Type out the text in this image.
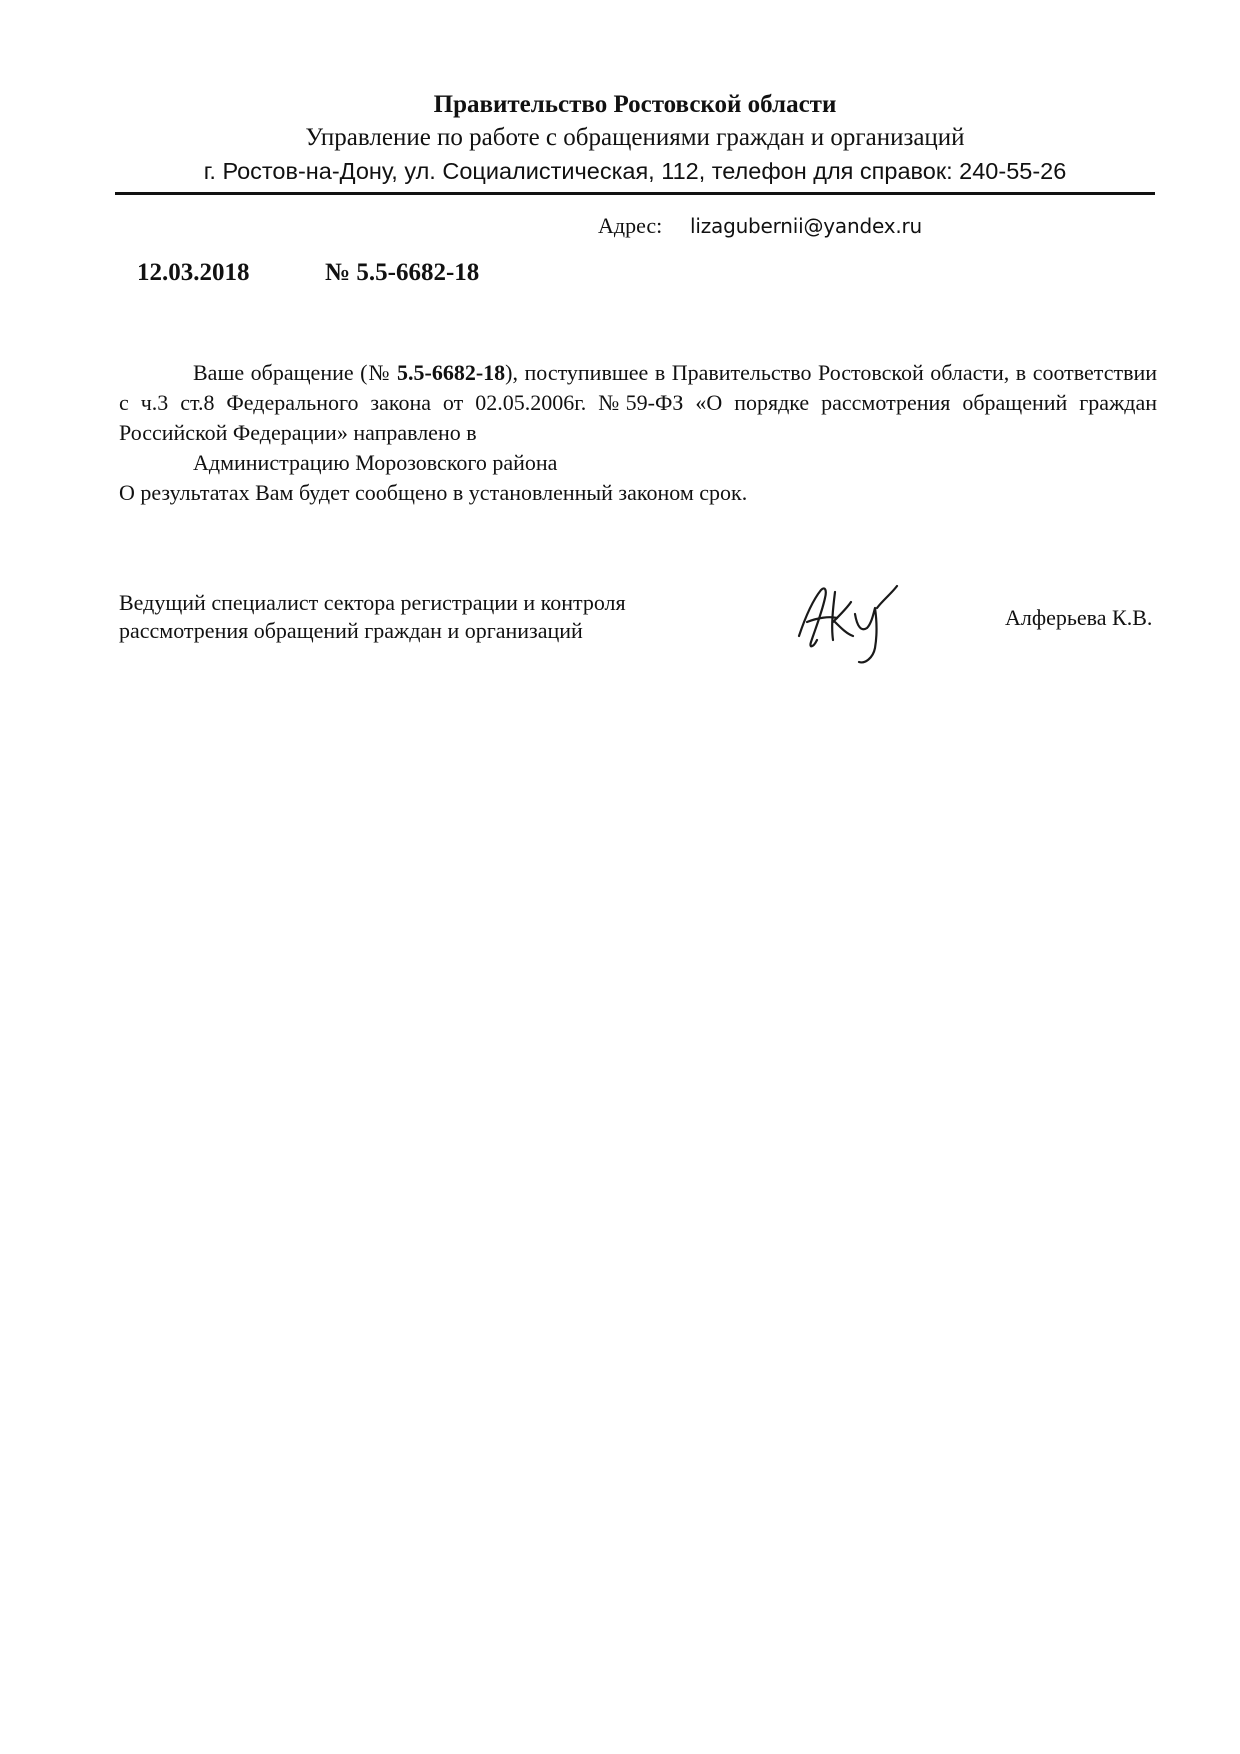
Правительство Ростовской области
Управление по работе с обращениями граждан и организаций
г. Ростов-на-Дону, ул. Социалистическая, 112, телефон для справок: 240-55-26
Адрес: lizagubernii@yandex.ru
12.03.2018	№ 5.5-6682-18

Ваше обращение (№ 5.5-6682-18), поступившее в Правительство Ростовской области, в соответствии с ч.3 ст.8 Федерального закона от 02.05.2006г. №59-ФЗ «О порядке рассмотрения обращений граждан Российской Федерации» направлено в

Администрацию Морозовского района

О результатах Вам будет сообщено в установленный законом срок.

Ведущий специалист сектора регистрации и контроля
рассмотрения обращений граждан и организаций
Алферьева К.В.
